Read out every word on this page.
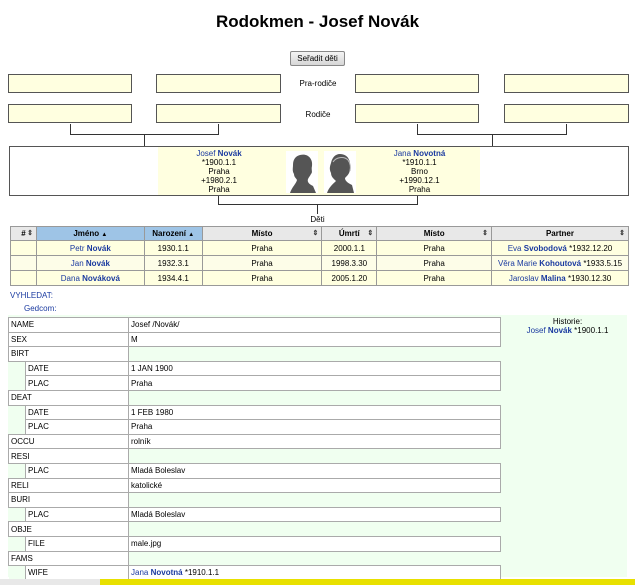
Rodokmen - Josef Novák
Seřadit děti
Pra-rodiče
Rodiče
Josef Novák
*1900.1.1
Praha
+1980.2.1
Praha
Jana Novotná
*1910.1.1
Brno
+1990.12.1
Praha
Děti
# ⇕	Jméno ▲	Narození ▲	Místo ⇕	Úmrtí ⇕	Místo ⇕	Partner ⇕

	Petr Novák	1930.1.1	Praha	2000.1.1	Praha	Eva Svobodová *1932.12.20
	Jan Novák	1932.3.1	Praha	1998.3.30	Praha	Věra Marie Kohoutová *1933.5.15
	Dana Nováková	1934.4.1	Praha	2005.1.20	Praha	Jaroslav Malina *1930.12.30
VYHLEDAT:
Gedcom:
NAME		Josef /Novák/
SEX		M
BIRT		
	DATE	1 JAN 1900
	PLAC	Praha
DEAT		
	DATE	1 FEB 1980
	PLAC	Praha
OCCU		rolník
RESI		
	PLAC	Mladá Boleslav
RELI		katolické
BURI		
	PLAC	Mladá Boleslav
OBJE		
	FILE	male.jpg
FAMS		
	WIFE	Jana Novotná *1910.1.1
Historie:
Josef Novák *1900.1.1
